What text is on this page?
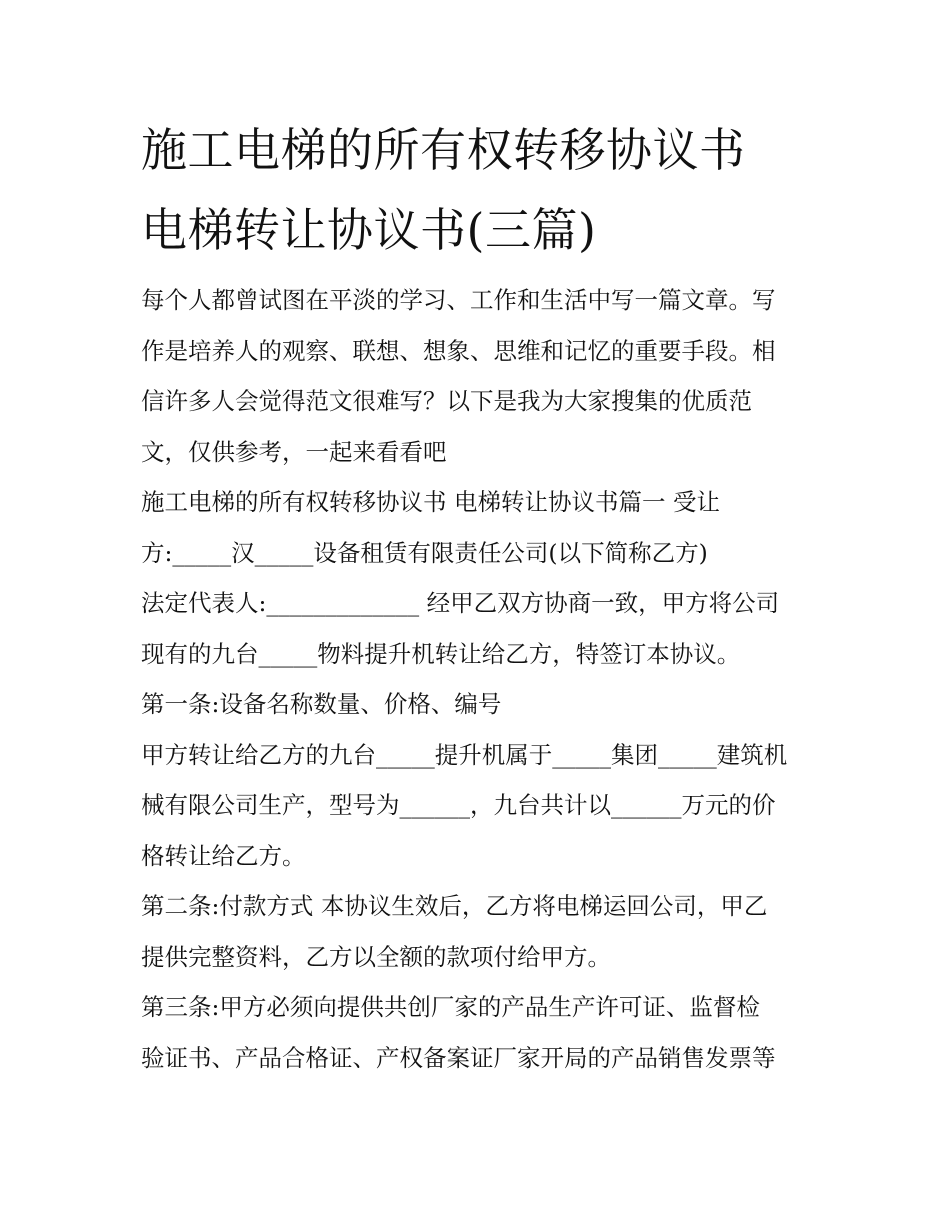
施工电梯的所有权转移协议书
电梯转让协议书(三篇)
每个人都曾试图在平淡的学习、工作和生活中写一篇文章。写
作是培养人的观察、联想、想象、思维和记忆的重要手段。相
信许多人会觉得范文很难写？以下是我为大家搜集的优质范
文，仅供参考，一起来看看吧
施工电梯的所有权转移协议书 电梯转让协议书篇一 受让
方:_____汉_____设备租赁有限责任公司(以下简称乙方)
法定代表人:_____________ 经甲乙双方协商一致，甲方将公司
现有的九台_____物料提升机转让给乙方，特签订本协议。
第一条:设备名称数量、价格、编号
甲方转让给乙方的九台_____提升机属于_____集团_____建筑机
械有限公司生产，型号为______，九台共计以______万元的价
格转让给乙方。
第二条:付款方式 本协议生效后，乙方将电梯运回公司，甲乙
提供完整资料，乙方以全额的款项付给甲方。
第三条:甲方必须向提供共创厂家的产品生产许可证、监督检
验证书、产品合格证、产权备案证厂家开局的产品销售发票等
